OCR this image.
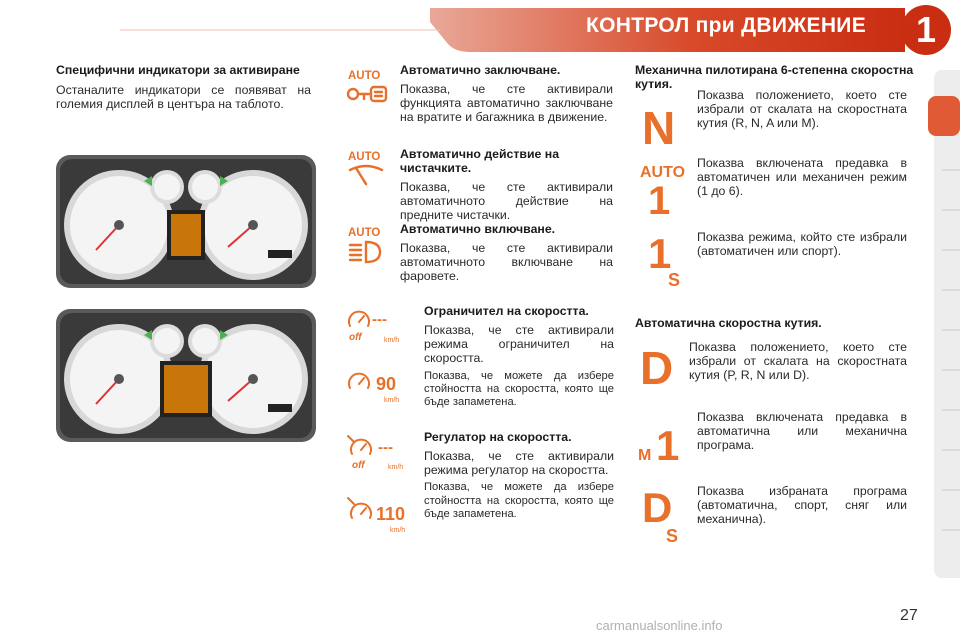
КОНТРОЛ при ДВИЖЕНИЕ	1
Специфични индикатори за активиране

Останалите индикатори се появяват на големия дисплей в центъра на таблото.

AUTO Автоматично заключване.

Показва, че сте активирали функцията автоматично заключване на вратите и багажника в движение.

AUTO Автоматично действие на чистачките.

Показва, че сте активирали автоматичното действие на предните чистачки.

AUTO Автоматично включване.

Показва, че сте активирали автоматичното включване на фаровете.

---
off	km/h
90
km/h
Ограничител на скоростта.

Показва, че сте активирали режима ограничител на скоростта.

Показва, че можете да избере стойността на скоростта, която ще бъде запаметена.

---
off	km/h
110
km/h
Регулатор на скоростта.

Показва, че сте активирали режима регулатор на скоростта.

Показва, че можете да избере стойността на скоростта, която ще бъде запаметена.

Механична пилотирана 6-степенна скоростна кутия.
N

Показва положението, което сте избрали от скалата на скоростната кутия (R, N, A или M).

AUTO
1

Показва включената предавка в автоматичен или механичен режим (1 до 6).

1
S

Показва режима, който сте избрали (автоматичен или спорт).

Автоматична скоростна кутия.
D Показва положението, което сте избрали от скалата на скоростната кутия (P, R, N или D).

M 1

Показва включената предавка в автоматична или механична програма.

D
S

Показва избраната програма (автоматична, спорт, сняг или механична).

27
carmanualsonline.info
